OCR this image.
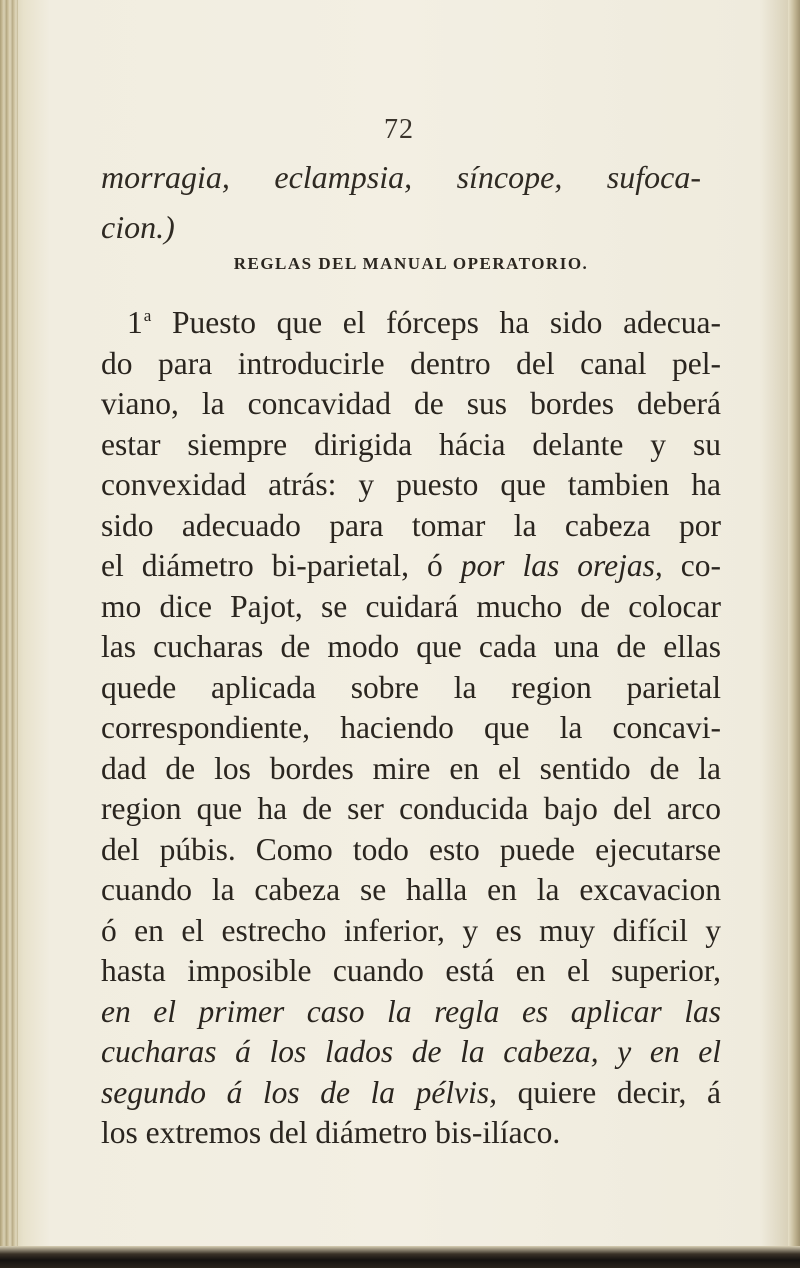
72
morragia, eclampsia, síncope, sufoca-
cion.)
REGLAS DEL MANUAL OPERATORIO.
1$^a$ Puesto que el fórceps ha sido adecua-
do para introducirle dentro del canal pel-
viano, la concavidad de sus bordes deberá
estar siempre dirigida hácia delante y su
convexidad atrás: y puesto que tambien ha
sido adecuado para tomar la cabeza por
el diámetro bi-parietal, ó por las orejas, co-
mo dice Pajot, se cuidará mucho de colocar
las cucharas de modo que cada una de ellas
quede aplicada sobre la region parietal
correspondiente, haciendo que la concavi-
dad de los bordes mire en el sentido de la
region que ha de ser conducida bajo del arco
del púbis. Como todo esto puede ejecutarse
cuando la cabeza se halla en la excavacion
ó en el estrecho inferior, y es muy difícil y
hasta imposible cuando está en el superior,
en el primer caso la regla es aplicar las
cucharas á los lados de la cabeza, y en el
segundo á los de la pélvis, quiere decir, á
los extremos del diámetro bis-ilíaco.
